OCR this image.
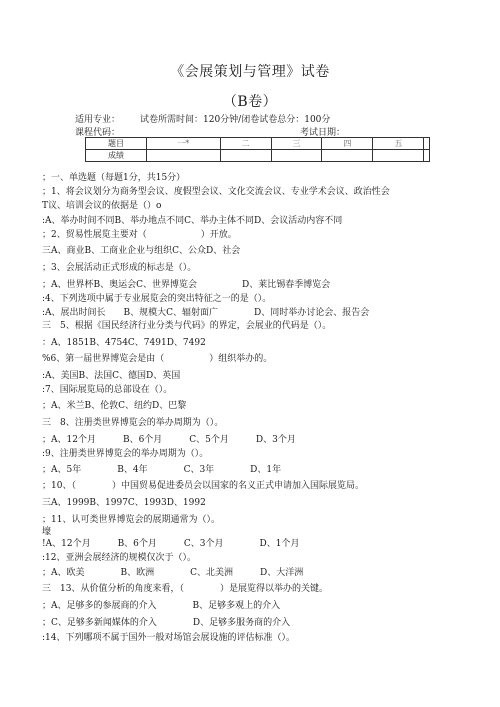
《会展策划与管理》试卷
（B卷）
适用专业： 试卷所需时间：120分钟/闭卷试卷总分：100分
课程代码：	考试日期：
题目	一*	二	三	四	五	
成绩						
；一、单选题（每题1分，共15分）
；1、将会议划分为商务型会议、度假型会议、文化交流会议、专业学术会议、政治性会
T议、培训会议的依据是（）o
:A、举办时间不同B、举办地点不同C、举办主体不同D、会议活动内容不同
；2、贸易性展览主要对（　　　　　　）开放。
三A、商业B、工商业企业与组织C、公众D、社会
；3、会展活动正式形成的标志是（）。
；A、世界杯B、奥运会C、世界博览会　　　　　D、莱比锡春季博览会
:4、下列选项中属于专业展览会的突出特征之一的是（）。
:A、展出时间长　　B、规模大C、辐射面广　　　　D、同时举办讨论会、报告会
三　5、根据《国民经济行业分类与代码》的界定，会展业的代码是（）。
：A、1851B、4754C、7491D、7492
%6、第一届世界博览会是由（　　　　　）组织举办的。
:A、美国B、法国C、德国D、英国
:7、国际展览局的总部设在（）。
；A、米兰B、伦敦C、纽约D、巴黎
三　8、注册类世界博览会的举办周期为（）。
；A、12个月　　　B、6个月　　　C、5个月　　　D、3个月
:9、注册类世界博览会的举办周期为（）。
；A、5年　　　　B、4年　　　　C、3年　　　　D、1年
；10、（　　　　）中国贸易促进委员会以国家的名义正式申请加入国际展览局。
三A、1999B、1997C、1993D、1992
；11、认可类世界博览会的展期通常为（）。
壕
!A、12个月　　　B、6个月　　　C、3个月　　　　D、1个月
:12、亚洲会展经济的规模仅次于（）。
；A、欧美　　　　B、欧洲　　　　C、北美洲　　　D、大洋洲
三　13、从价值分析的角度来看，（　　　　）是展览得以举办的关键。
；A、足够多的参展商的介入　　　　B、足够多观上的介入
；C、足够多新闻媒体的介入　　　　D、足够多服务商的介入
:14、下列哪项不属于国外一般对场馆会展设施的评估标准（）。
